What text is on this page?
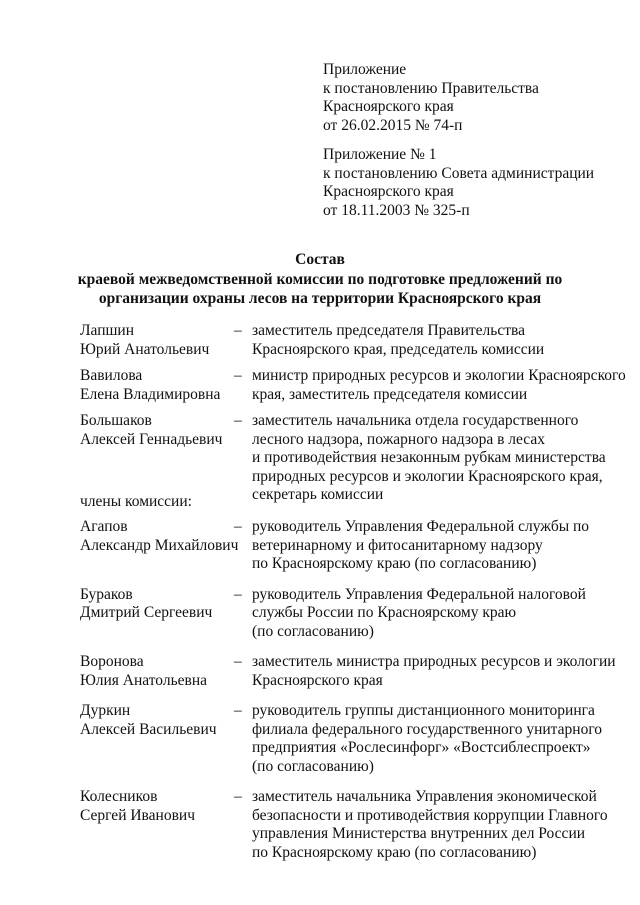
Приложение
к постановлению Правительства
Красноярского края
от 26.02.2015 № 74-п
Приложение № 1
к постановлению Совета администрации
Красноярского края
от 18.11.2003 № 325-п
Состав
краевой межведомственной комиссии по подготовке предложений по
организации охраны лесов на территории Красноярского края
Лапшин
Юрий Анатольевич
– заместитель председателя Правительства
Красноярского края, председатель комиссии
Вавилова
Елена Владимировна
– министр природных ресурсов и экологии Красноярского
края, заместитель председателя комиссии
Большаков
Алексей Геннадьевич
– заместитель начальника отдела государственного
лесного надзора, пожарного надзора в лесах
и противодействия незаконным рубкам министерства
природных ресурсов и экологии Красноярского края,
секретарь комиссии
члены комиссии:
Агапов
Александр Михайлович
– руководитель Управления Федеральной службы по
ветеринарному и фитосанитарному надзору
по Красноярскому краю (по согласованию)
Бураков
Дмитрий Сергеевич
– руководитель Управления Федеральной налоговой
службы России по Красноярскому краю
(по согласованию)
Воронова
Юлия Анатольевна
– заместитель министра природных ресурсов и экологии
Красноярского края
Дуркин
Алексей Васильевич
– руководитель группы дистанционного мониторинга
филиала федерального государственного унитарного
предприятия «Рослесинфорг» «Востсиблеспроект»
(по согласованию)
Колесников
Сергей Иванович
– заместитель начальника Управления экономической
безопасности и противодействия коррупции Главного
управления Министерства внутренних дел России
по Красноярскому краю (по согласованию)
